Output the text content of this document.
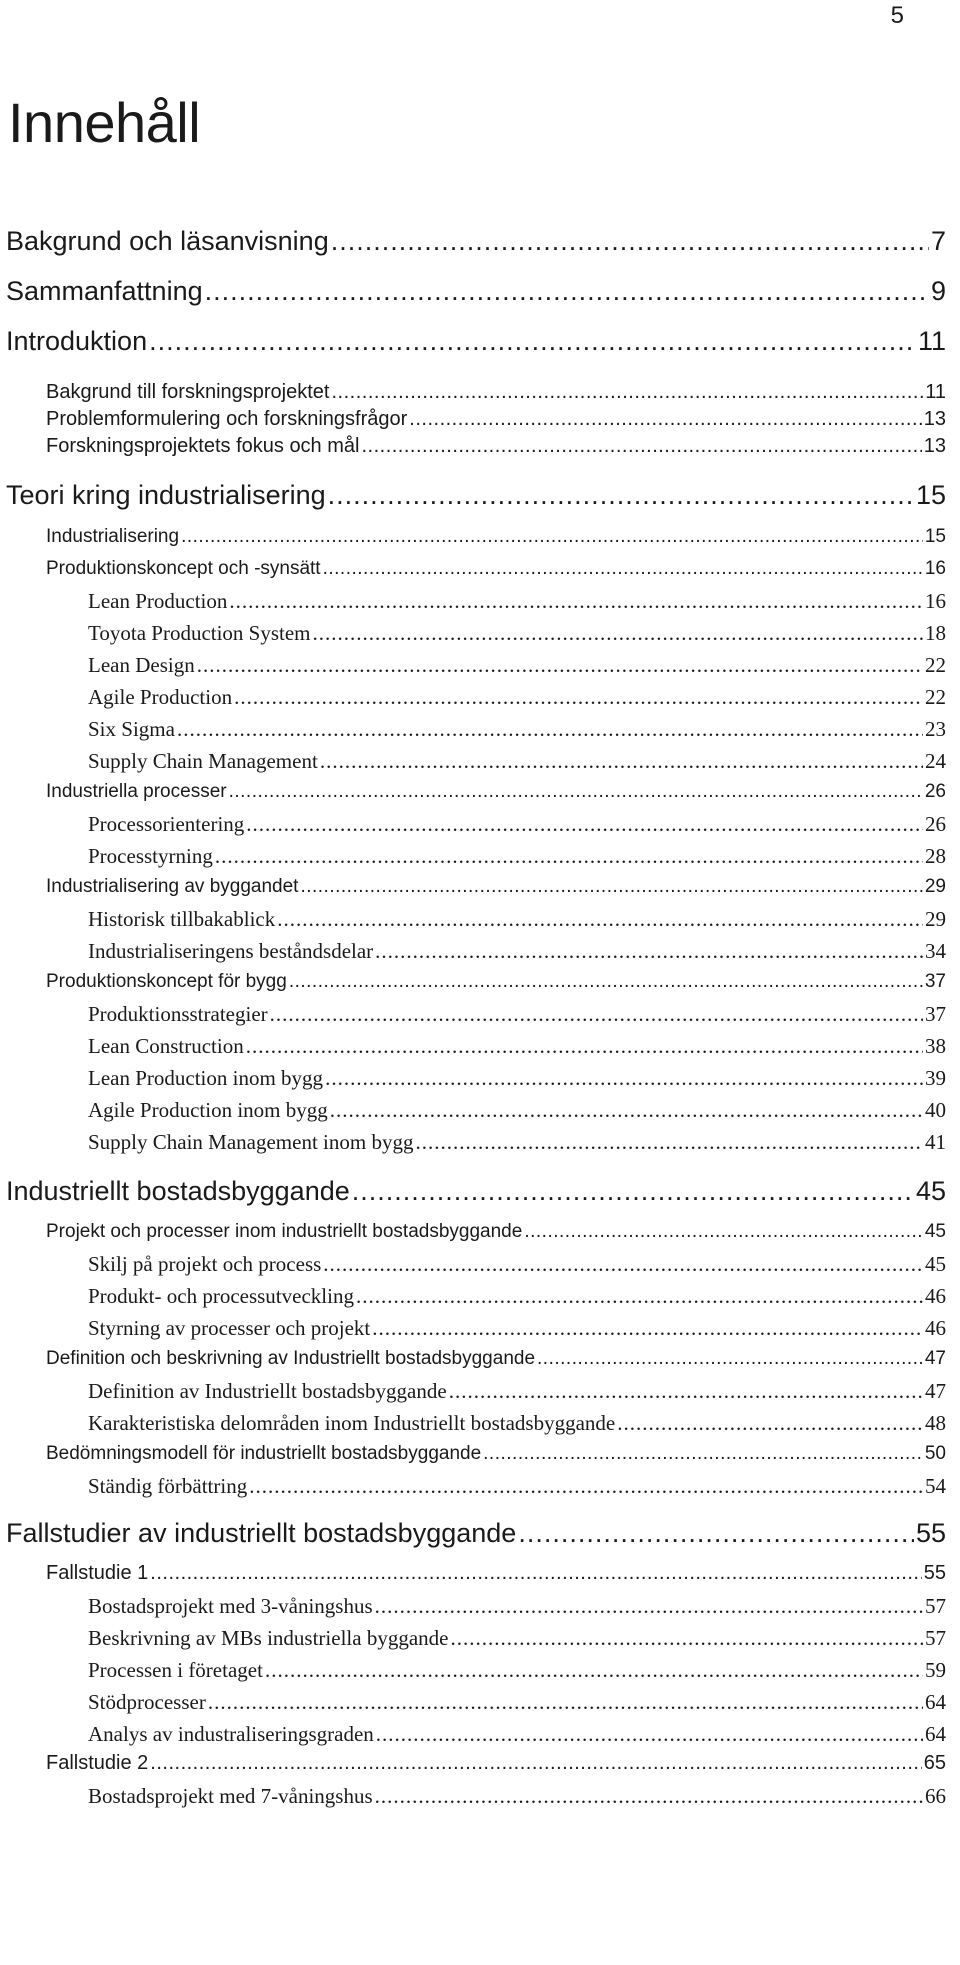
5
Innehåll
Bakgrund och läsanvisning .....	7
Sammanfattning .....	9
Introduktion .....	11
Bakgrund till forskningsprojektet .....	11
Problemformulering och forskningsfrågor .....	13
Forskningsprojektets fokus och mål .....	13
Teori kring industrialisering .....	15
Industrialisering .....	15
Produktionskoncept och -synsätt .....	16
Lean Production .....	16
Toyota Production System .....	18
Lean Design .....	22
Agile Production .....	22
Six Sigma .....	23
Supply Chain Management .....	24
Industriella processer .....	26
Processorientering .....	26
Processtyrning .....	28
Industrialisering av byggandet .....	29
Historisk tillbakablick .....	29
Industrialiseringens beståndsdelar .....	34
Produktionskoncept för bygg .....	37
Produktionsstrategier .....	37
Lean Construction .....	38
Lean Production inom bygg .....	39
Agile Production inom bygg .....	40
Supply Chain Management inom bygg .....	41
Industriellt bostadsbyggande .....	45
Projekt och processer inom industriellt bostadsbyggande .....	45
Skilj på projekt och process .....	45
Produkt- och processutveckling .....	46
Styrning av processer och projekt .....	46
Definition och beskrivning av Industriellt bostadsbyggande .....	47
Definition av Industriellt bostadsbyggande .....	47
Karakteristiska delområden inom Industriellt bostadsbyggande .....	48
Bedömningsmodell för industriellt bostadsbyggande .....	50
Ständig förbättring .....	54
Fallstudier av industriellt bostadsbyggande .....	55
Fallstudie 1 .....	55
Bostadsprojekt med 3-våningshus .....	57
Beskrivning av MBs industriella byggande .....	57
Processen i företaget .....	59
Stödprocesser .....	64
Analys av industraliseringsgraden .....	64
Fallstudie 2 .....	65
Bostadsprojekt med 7-våningshus .....	66
